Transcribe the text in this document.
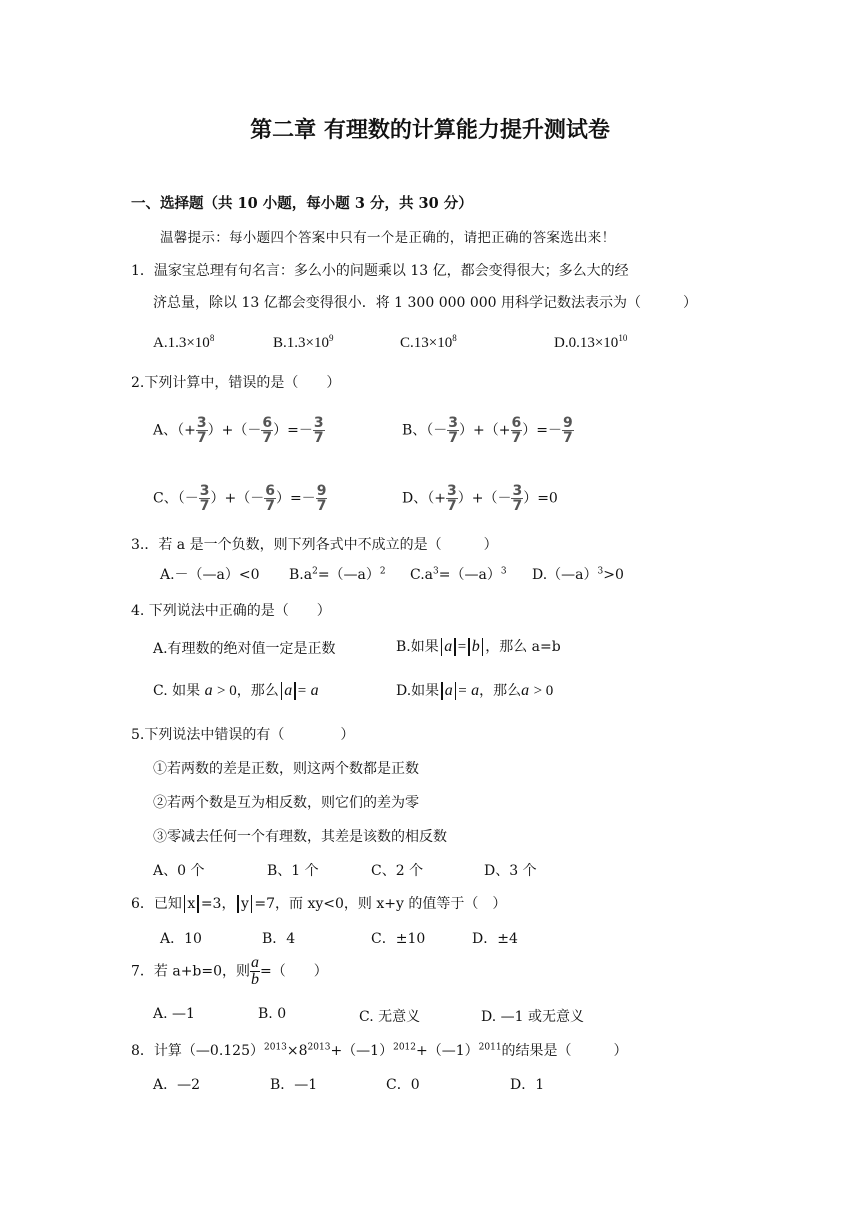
第二章 有理数的计算能力提升测试卷
一、选择题（共 10 小题，每小题 3 分，共 30 分）
温馨提示：每小题四个答案中只有一个是正确的，请把正确的答案选出来！
1．温家宝总理有句名言：多么小的问题乘以 13 亿，都会变得很大；多么大的经
济总量，除以 13 亿都会变得很小．将 1 300 000 000 用科学记数法表示为（　　　）
$A.1.3\times 10^8$	$B.1.3\times 10^9$	$C.13\times 10^8$	$D.0.13\times 10^{10}$
2.下列计算中，错误的是（　　）
A、（+ $\frac{3}{7}$ ）+（－ $\frac{6}{7}$ ）=－ $\frac{3}{7}$	B、（－ $\frac{3}{7}$ ）+（+ $\frac{6}{7}$ ）=－ $\frac{9}{7}$
C、（－ $\frac{3}{7}$ ）+（－ $\frac{6}{7}$ ）=－ $\frac{9}{7}$	D、（+ $\frac{3}{7}$ ）+（－ $\frac{3}{7} )=0$
3.．若 a 是一个负数，则下列各式中不成立的是（　　　）
A.－（—a）<0 $B.a^2=(—a)^2$ $C.a^3=(—a)^3$ D.（—a）$^3$>0
4. 下列说法中正确的是（　　）
A.有理数的绝对值一定是正数	B.如果 a = b ，那么 a=b
C. 如果 a > 0，那么 a = a	D.如果 a = a，那么a > 0
5.下列说法中错误的有（　　　　）
①若两数的差是正数，则这两个数都是正数
②若两个数是互为相反数，则它们的差为零
③零减去任何一个有理数，其差是该数的相反数
A、0 个	B、1 个	C、2 个	D、3 个
6．已知 x =3， y =7，而 xy<0，则 x+y 的值等于（　）
A．10	B．4	C．±10	D．±4
7．若 a+b=0，则 $\frac{a}{b}$ =（　　）
A. —1	B. 0	C. 无意义	D. —1 或无意义
8．计算$(—0.125)^{2013}\times 8^{2013}+(—1)^{2012}+(—1)^{2011}$的结果是（　　　）
A．—2	B．—1	C．0	D．1
